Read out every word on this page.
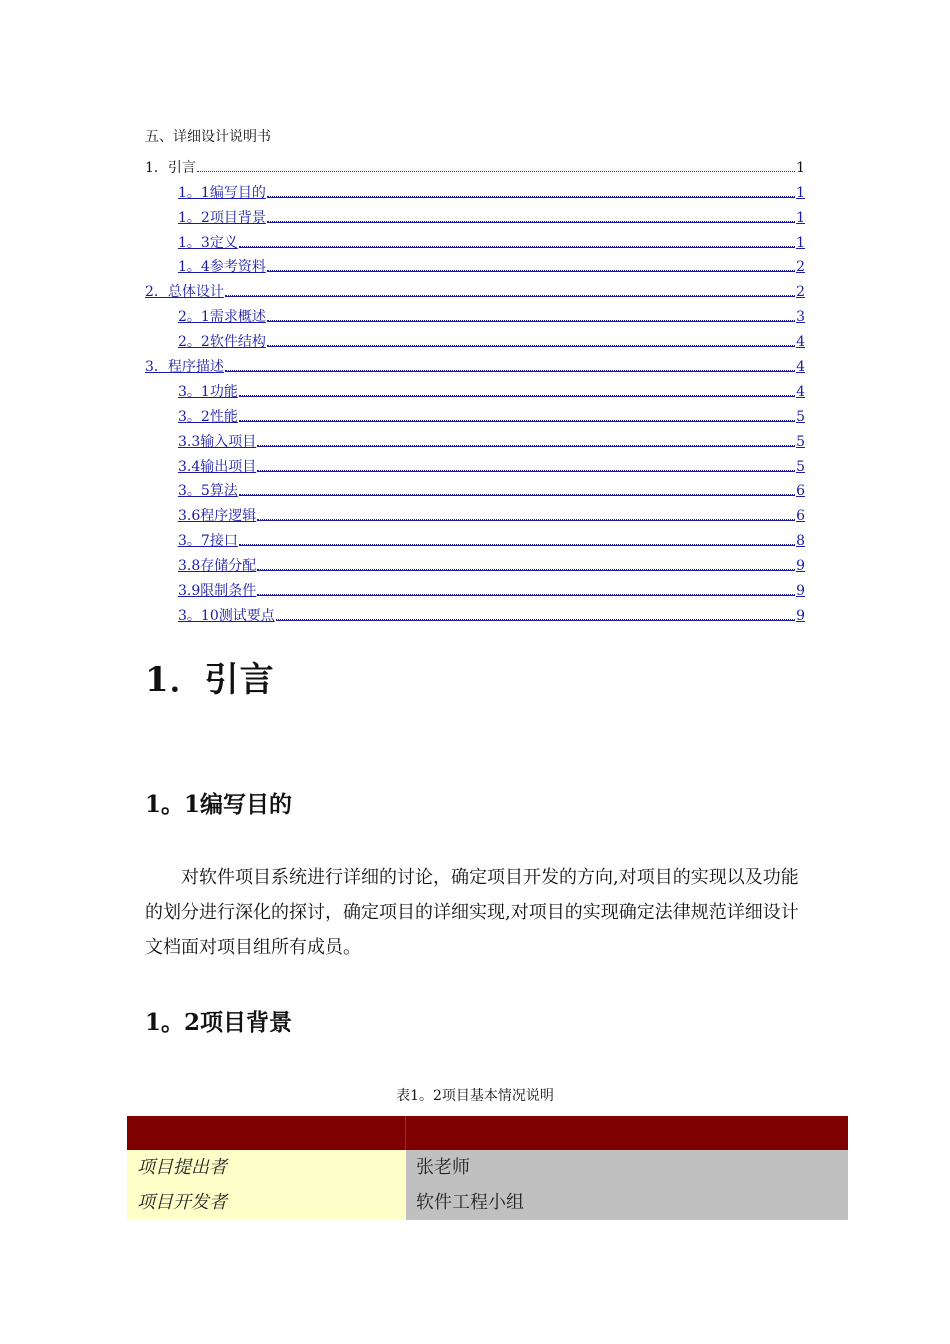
五、详细设计说明书
1．引言	1
1。1编写目的	1
1。2项目背景	1
1。3定义	1
1。4参考资料	2
2．总体设计	2
2。1需求概述	3
2。2软件结构	4
3．程序描述	4
3。1功能	4
3。2性能	5
3.3输入项目	5
3.4输出项目	5
3。5算法	6
3.6程序逻辑	6
3。7接口	8
3.8存储分配	9
3.9限制条件	9
3。10测试要点	9
1．引言
1。1编写目的
对软件项目系统进行详细的讨论，确定项目开发的方向,对项目的实现以及功能的划分进行深化的探讨，确定项目的详细实现,对项目的实现确定法律规范详细设计文档面对项目组所有成员。
1。2项目背景
表1。2项目基本情况说明
项目提出者	张老师
项目开发者	软件工程小组
